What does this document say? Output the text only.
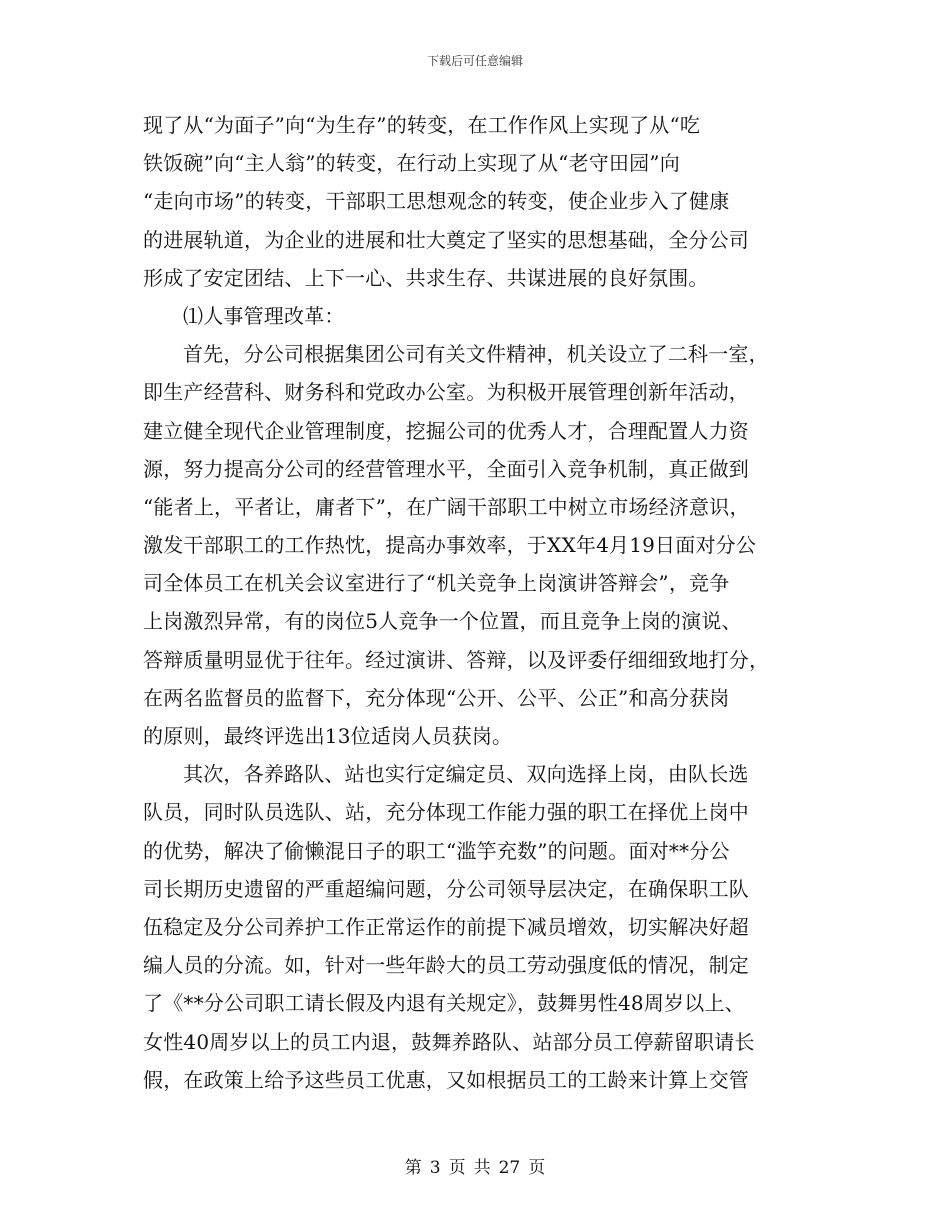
下载后可任意编辑
现了从“为面子”向“为生存”的转变，在工作作风上实现了从“吃
铁饭碗”向“主人翁”的转变，在行动上实现了从“老守田园”向
“走向市场”的转变，干部职工思想观念的转变，使企业步入了健康
的进展轨道，为企业的进展和壮大奠定了坚实的思想基础，全分公司
形成了安定团结、上下一心、共求生存、共谋进展的良好氛围。
⑴人事管理改革：
首先，分公司根据集团公司有关文件精神，机关设立了二科一室，
即生产经营科、财务科和党政办公室。为积极开展管理创新年活动，
建立健全现代企业管理制度，挖掘公司的优秀人才，合理配置人力资
源，努力提高分公司的经营管理水平，全面引入竞争机制，真正做到
“能者上，平者让，庸者下”，在广阔干部职工中树立市场经济意识，
激发干部职工的工作热忱，提高办事效率，于XX年4月19日面对分公
司全体员工在机关会议室进行了“机关竞争上岗演讲答辩会”，竞争
上岗激烈异常，有的岗位5人竞争一个位置，而且竞争上岗的演说、
答辩质量明显优于往年。经过演讲、答辩，以及评委仔细细致地打分，
在两名监督员的监督下，充分体现“公开、公平、公正”和高分获岗
的原则，最终评选出13位适岗人员获岗。
其次，各养路队、站也实行定编定员、双向选择上岗，由队长选
队员，同时队员选队、站，充分体现工作能力强的职工在择优上岗中
的优势，解决了偷懒混日子的职工“滥竽充数”的问题。面对**分公
司长期历史遗留的严重超编问题，分公司领导层决定，在确保职工队
伍稳定及分公司养护工作正常运作的前提下减员增效，切实解决好超
编人员的分流。如，针对一些年龄大的员工劳动强度低的情况，制定
了《**分公司职工请长假及内退有关规定》，鼓舞男性48周岁以上、
女性40周岁以上的员工内退，鼓舞养路队、站部分员工停薪留职请长
假，在政策上给予这些员工优惠，又如根据员工的工龄来计算上交管
第 3 页 共 27 页
